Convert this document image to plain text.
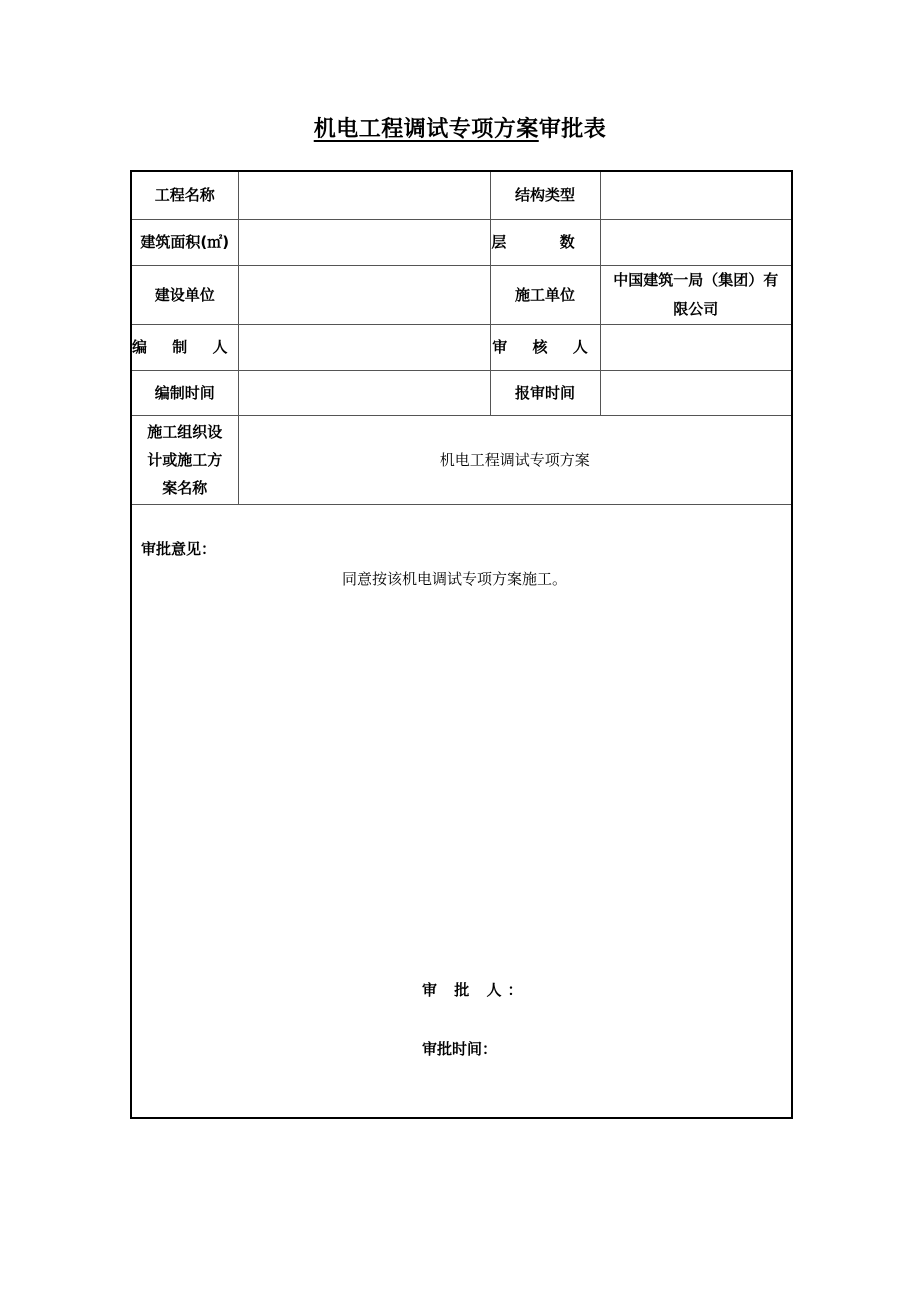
机电工程调试专项方案审批表
工程名称		结构类型	
建筑面积(㎡)		层 数	
建设单位		施工单位	中国建筑一局（集团）有限公司
编 制 人		审 核 人	
编制时间		报审时间	
施工组织设计或施工方案名称	机电工程调试专项方案		
审批意见：
同意按该机电调试专项方案施工。
审 批 人：
审批时间：
